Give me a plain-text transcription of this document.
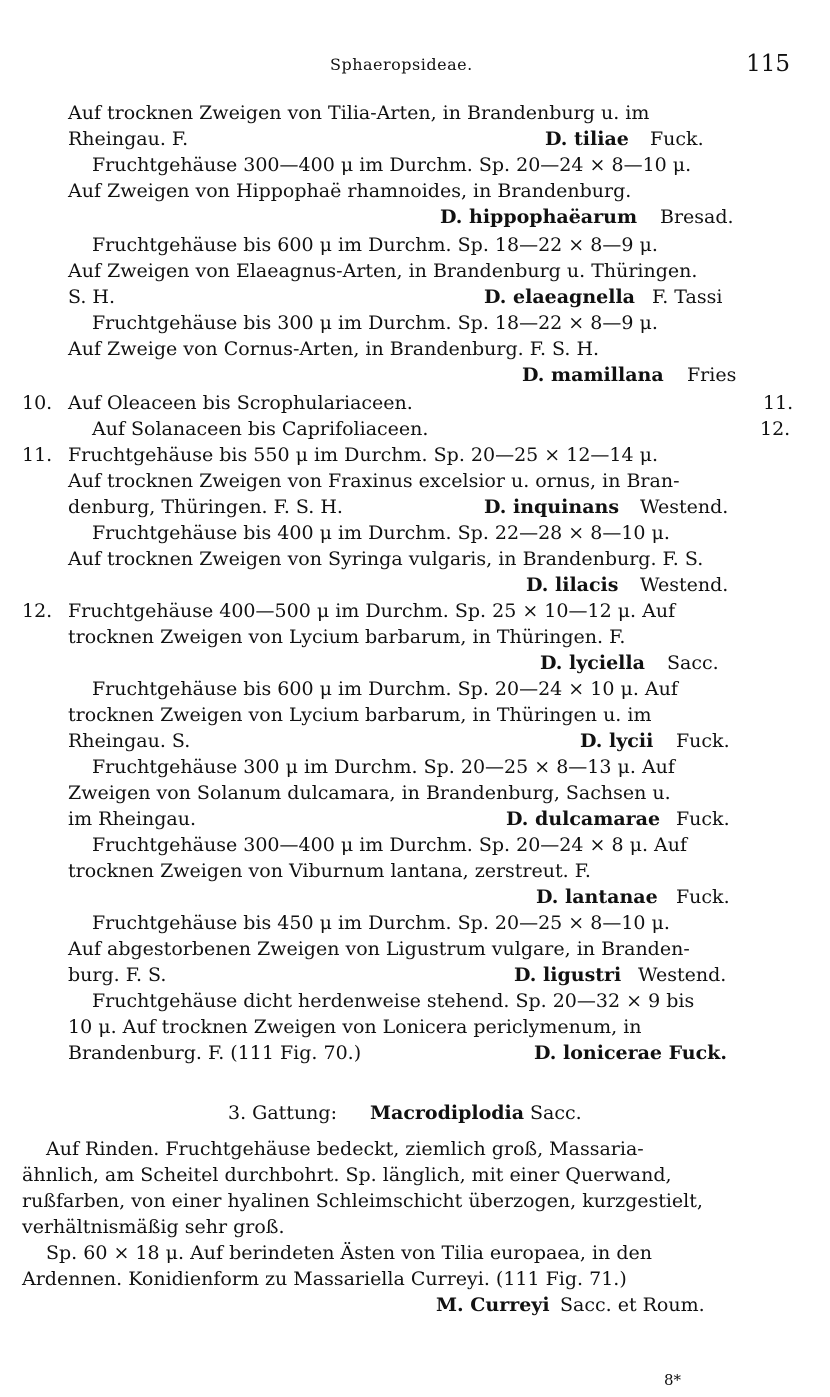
Sphaeropsideae.	115
Auf trocknen Zweigen von Tilia-Arten, in Brandenburg u. im
Rheingau. F.	D. tiliae Fuck.
Fruchtgehäuse 300—400 μ im Durchm. Sp. 20—24 × 8—10 μ.
Auf Zweigen von Hippophaë rhamnoides, in Brandenburg.
D. hippophaëarum Bresad.
Fruchtgehäuse bis 600 μ im Durchm. Sp. 18—22 × 8—9 μ.
Auf Zweigen von Elaeagnus-Arten, in Brandenburg u. Thüringen.
S. H.	D. elaeagnella F. Tassi
Fruchtgehäuse bis 300 μ im Durchm. Sp. 18—22 × 8—9 μ.
Auf Zweige von Cornus-Arten, in Brandenburg. F. S. H.
D. mamillana Fries
10. Auf Oleaceen bis Scrophulariaceen.	11.
Auf Solanaceen bis Caprifoliaceen.	12.
11. Fruchtgehäuse bis 550 μ im Durchm. Sp. 20—25 × 12—14 μ.
Auf trocknen Zweigen von Fraxinus excelsior u. ornus, in Bran-
denburg, Thüringen. F. S. H.	D. inquinans Westend.
Fruchtgehäuse bis 400 μ im Durchm. Sp. 22—28 × 8—10 μ.
Auf trocknen Zweigen von Syringa vulgaris, in Brandenburg. F. S.
D. lilacis Westend.
12. Fruchtgehäuse 400—500 μ im Durchm. Sp. 25 × 10—12 μ. Auf
trocknen Zweigen von Lycium barbarum, in Thüringen. F.
D. lyciella Sacc.
Fruchtgehäuse bis 600 μ im Durchm. Sp. 20—24 × 10 μ. Auf
trocknen Zweigen von Lycium barbarum, in Thüringen u. im
Rheingau. S.	D. lycii Fuck.
Fruchtgehäuse 300 μ im Durchm. Sp. 20—25 × 8—13 μ. Auf
Zweigen von Solanum dulcamara, in Brandenburg, Sachsen u.
im Rheingau.	D. dulcamarae Fuck.
Fruchtgehäuse 300—400 μ im Durchm. Sp. 20—24 × 8 μ. Auf
trocknen Zweigen von Viburnum lantana, zerstreut. F.
D. lantanae Fuck.
Fruchtgehäuse bis 450 μ im Durchm. Sp. 20—25 × 8—10 μ.
Auf abgestorbenen Zweigen von Ligustrum vulgare, in Branden-
burg. F. S.	D. ligustri Westend.
Fruchtgehäuse dicht herdenweise stehend. Sp. 20—32 × 9 bis
10 μ. Auf trocknen Zweigen von Lonicera periclymenum, in
Brandenburg. F. (111 Fig. 70.)	D. lonicerae Fuck.
3. Gattung: Macrodiplodia Sacc.
Auf Rinden. Fruchtgehäuse bedeckt, ziemlich groß, Massaria-
ähnlich, am Scheitel durchbohrt. Sp. länglich, mit einer Querwand,
rußfarben, von einer hyalinen Schleimschicht überzogen, kurzgestielt,
verhältnismäßig sehr groß.
Sp. 60 × 18 μ. Auf berindeten Ästen von Tilia europaea, in den
Ardennen. Konidienform zu Massariella Curreyi. (111 Fig. 71.)
M. Curreyi Sacc. et Roum.
8*
